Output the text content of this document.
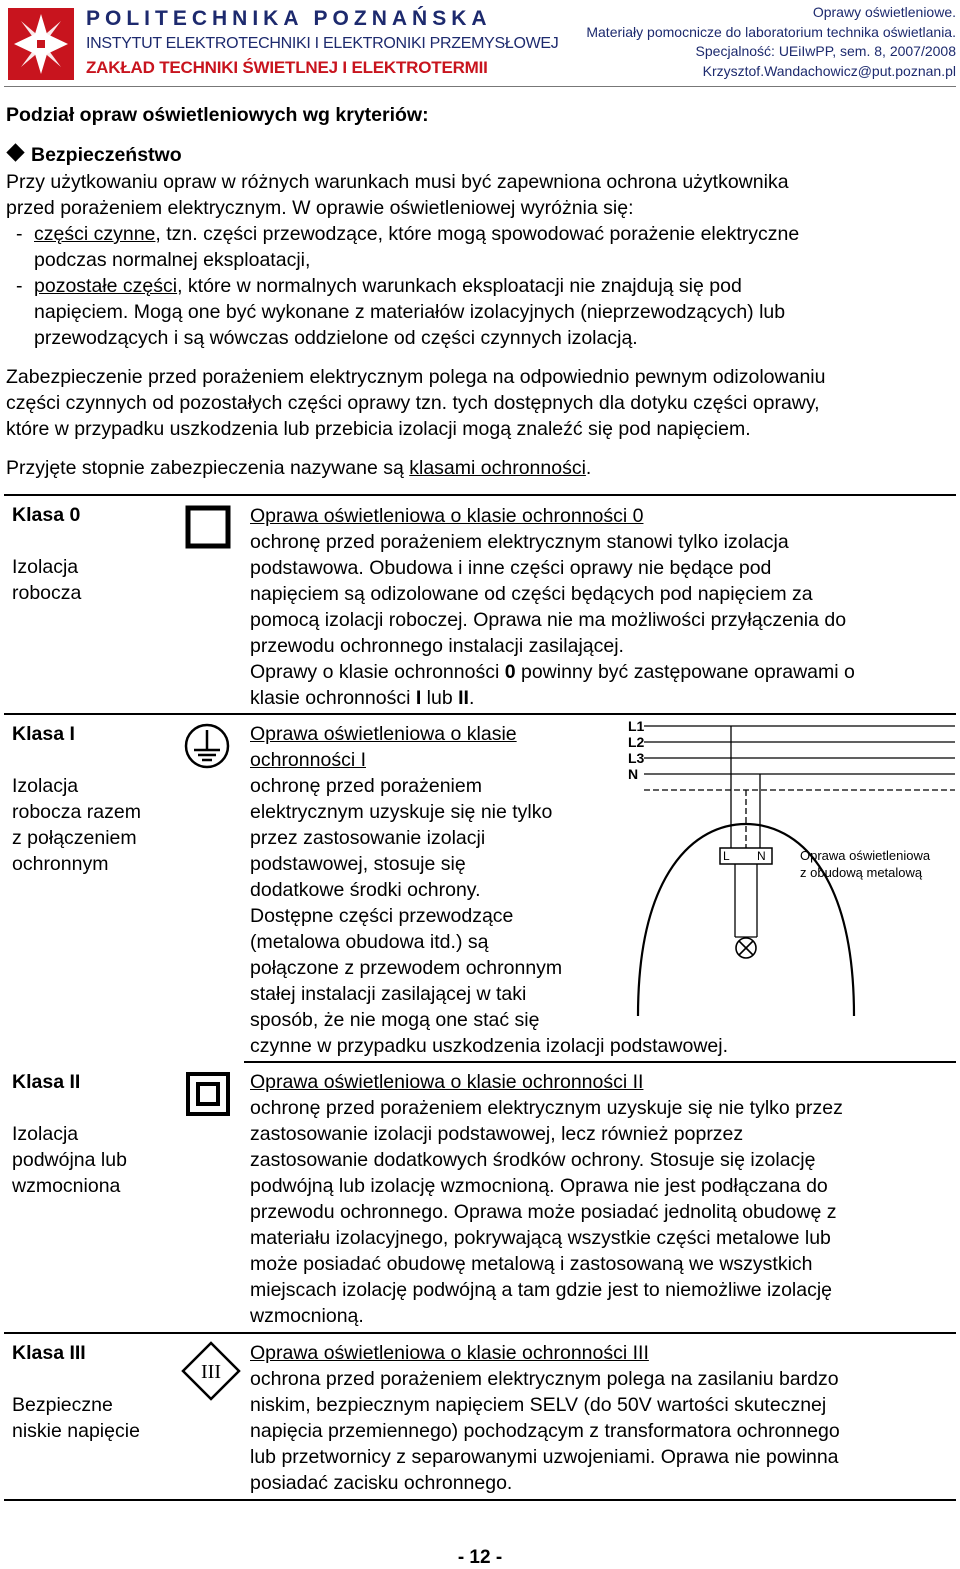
POLITECHNIKA POZNAŃSKA
INSTYTUT ELEKTROTECHNIKI I ELEKTRONIKI PRZEMYSŁOWEJ
ZAKŁAD TECHNIKI ŚWIETLNEJ I ELEKTROTERMII
Oprawy oświetleniowe.
Materiały pomocnicze do laboratorium technika oświetlania.
Specjalność: UEiIwPP, sem. 8, 2007/2008
Krzysztof.Wandachowicz@put.poznan.pl
Podział opraw oświetleniowych wg kryteriów:
Bezpieczeństwo
Przy użytkowaniu opraw w różnych warunkach musi być zapewniona ochrona użytkownika
przed porażeniem elektrycznym. W oprawie oświetleniowej wyróżnia się:
- części czynne, tzn. części przewodzące, które mogą spowodować porażenie elektryczne
podczas normalnej eksploatacji,
- pozostałe części, które w normalnych warunkach eksploatacji nie znajdują się pod
napięciem. Mogą one być wykonane z materiałów izolacyjnych (nieprzewodzących) lub
przewodzących i są wówczas oddzielone od części czynnych izolacją.
Zabezpieczenie przed porażeniem elektrycznym polega na odpowiednio pewnym odizolowaniu
części czynnych od pozostałych części oprawy tzn. tych dostępnych dla dotyku części oprawy,
które w przypadku uszkodzenia lub przebicia izolacji mogą znaleźć się pod napięciem.
Przyjęte stopnie zabezpieczenia nazywane są klasami ochronności.
Klasa 0
Izolacja
robocza
Oprawa oświetleniowa o klasie ochronności 0
ochronę przed porażeniem elektrycznym stanowi tylko izolacja
podstawowa. Obudowa i inne części oprawy nie będące pod
napięciem są odizolowane od części będących pod napięciem za
pomocą izolacji roboczej. Oprawa nie ma możliwości przyłączenia do
przewodu ochronnego instalacji zasilającej.
Oprawy o klasie ochronności 0 powinny być zastępowane oprawami o
klasie ochronności I lub II.
Klasa I
Izolacja
robocza razem
z połączeniem
ochronnym
Oprawa oświetleniowa o klasie
ochronności I
ochronę przed porażeniem
elektrycznym uzyskuje się nie tylko
przez zastosowanie izolacji
podstawowej, stosuje się
dodatkowe środki ochrony.
Dostępne części przewodzące
(metalowa obudowa itd.) są
połączone z przewodem ochronnym
stałej instalacji zasilającej w taki
sposób, że nie mogą one stać się
czynne w przypadku uszkodzenia izolacji podstawowej.
L1
L2
L3
N
L N	Oprawa oświetleniowa
z obudową metalową
Klasa II
Izolacja
podwójna lub
wzmocniona
Oprawa oświetleniowa o klasie ochronności II
ochronę przed porażeniem elektrycznym uzyskuje się nie tylko przez
zastosowanie izolacji podstawowej, lecz również poprzez
zastosowanie dodatkowych środków ochrony. Stosuje się izolację
podwójną lub izolację wzmocnioną. Oprawa nie jest podłączana do
przewodu ochronnego. Oprawa może posiadać jednolitą obudowę z
materiału izolacyjnego, pokrywającą wszystkie części metalowe lub
może posiadać obudowę metalową i zastosowaną we wszystkich
miejscach izolację podwójną a tam gdzie jest to niemożliwe izolację
wzmocnioną.
Klasa III
Bezpieczne
niskie napięcie
III
Oprawa oświetleniowa o klasie ochronności III
ochrona przed porażeniem elektrycznym polega na zasilaniu bardzo
niskim, bezpiecznym napięciem SELV (do 50V wartości skutecznej
napięcia przemiennego) pochodzącym z transformatora ochronnego
lub przetwornicy z separowanymi uzwojeniami. Oprawa nie powinna
posiadać zacisku ochronnego.
- 12 -
